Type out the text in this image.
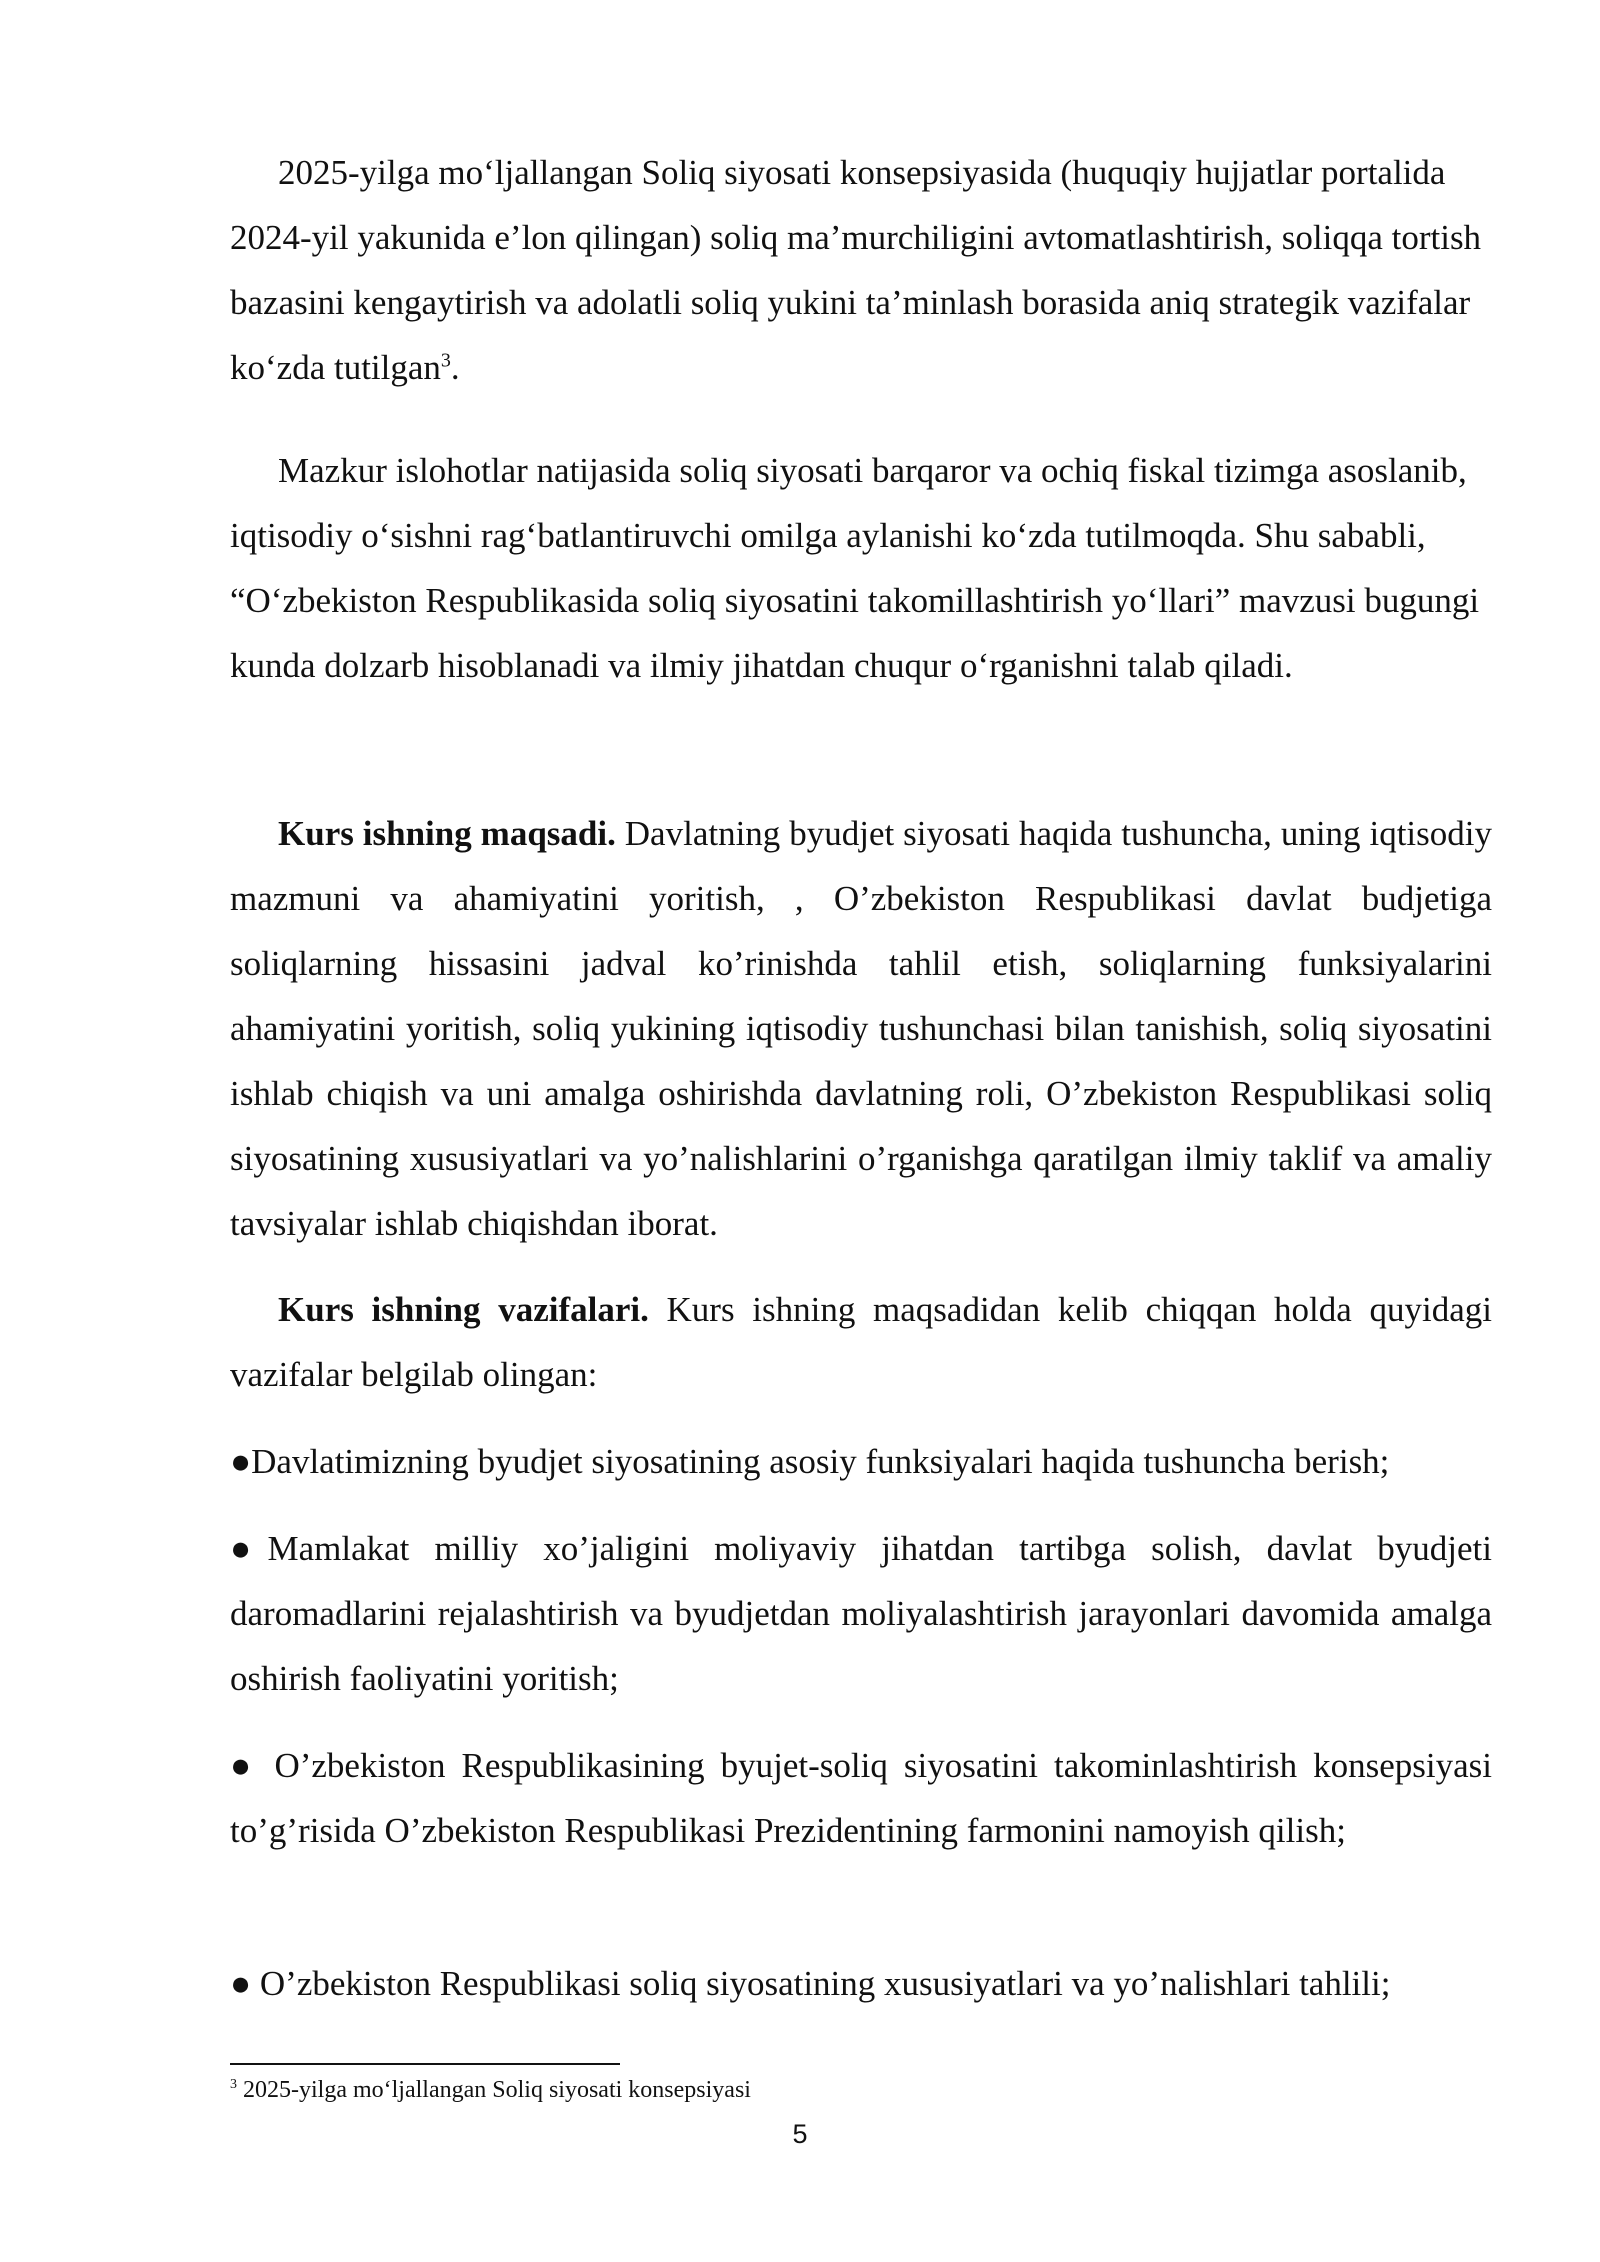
2025-yilga mo‘ljallangan Soliq siyosati konsepsiyasida (huquqiy hujjatlar portalida 2024-yil yakunida e’lon qilingan) soliq ma’murchiligini avtomatlashtirish, soliqqa tortish bazasini kengaytirish va adolatli soliq yukini ta’minlash borasida aniq strategik vazifalar ko‘zda tutilgan$^3$.

Mazkur islohotlar natijasida soliq siyosati barqaror va ochiq fiskal tizimga asoslanib, iqtisodiy o‘sishni rag‘batlantiruvchi omilga aylanishi ko‘zda tutilmoqda. Shu sababli, “O‘zbekiston Respublikasida soliq siyosatini takomillashtirish yo‘llari” mavzusi bugungi kunda dolzarb hisoblanadi va ilmiy jihatdan chuqur o‘rganishni talab qiladi.

Kurs ishning maqsadi. Davlatning byudjet siyosati haqida tushuncha, uning iqtisodiy mazmuni va ahamiyatini yoritish, , O’zbekiston Respublikasi davlat budjetiga soliqlarning hissasini jadval ko’rinishda tahlil etish, soliqlarning funksiyalarini ahamiyatini yoritish, soliq yukining iqtisodiy tushunchasi bilan tanishish, soliq siyosatini ishlab chiqish va uni amalga oshirishda davlatning roli, O’zbekiston Respublikasi soliq siyosatining xususiyatlari va yo’nalishlarini o’rganishga qaratilgan ilmiy taklif va amaliy tavsiyalar ishlab chiqishdan iborat.

Kurs ishning vazifalari. Kurs ishning maqsadidan kelib chiqqan holda quyidagi vazifalar belgilab olingan:

●Davlatimizning byudjet siyosatining asosiy funksiyalari haqida tushuncha berish;

●Mamlakat milliy xo’jaligini moliyaviy jihatdan tartibga solish, davlat byudjeti daromadlarini rejalashtirish va byudjetdan moliyalashtirish jarayonlari davomida amalga oshirish faoliyatini yoritish;

● O’zbekiston Respublikasining byujet-soliq siyosatini takominlashtirish konsepsiyasi to’g’risida O’zbekiston Respublikasi Prezidentining farmonini namoyish qilish;

● O’zbekiston Respublikasi soliq siyosatining xususiyatlari va yo’nalishlari tahlili;

$^3$ 2025-yilga mo‘ljallangan Soliq siyosati konsepsiyasi

5
